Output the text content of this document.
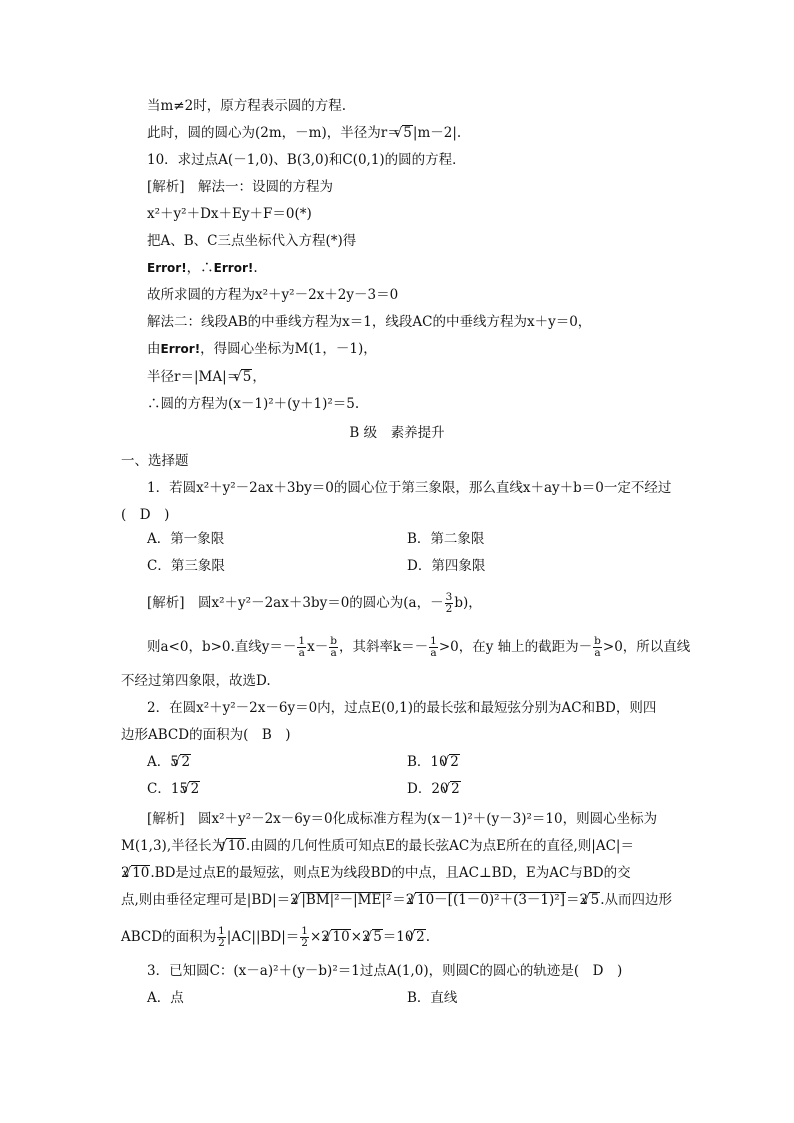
当m≠2时，原方程表示圆的方程.
此时，圆的圆心为(2m，－m)，半径为r＝√ 5|m－2|.
10．求过点A(－1,0)、B(3,0)和C(0,1)的圆的方程．
[解析]　解法一：设圆的方程为
x²＋y²＋Dx＋Ey＋F＝0(*)
把A、B、C三点坐标代入方程(*)得
Error!，∴Error!.
故所求圆的方程为x²＋y²－2x＋2y－3＝0
解法二：线段AB的中垂线方程为x＝1，线段AC的中垂线方程为x＋y＝0，
由Error!，得圆心坐标为M(1，－1)，
半径r＝|MA|＝√ 5，
∴圆的方程为(x－1)²＋(y＋1)²＝5.
B 级　素养提升
一、选择题
1．若圆x²＋y²－2ax＋3by＝0的圆心位于第三象限，那么直线x＋ay＋b＝0一定不经过
(　D　)
A．第一象限	B．第二象限
C．第三象限	D．第四象限
[解析]　圆x²＋y²－2ax＋3by＝0的圆心为(a，－ $\frac{3}{2} b$)，
则a<0，b>0.直线$y=- \frac{1}{a} x- \frac{b}{a}$ ，其斜率$k=- \frac{1}{a} >0$，在y 轴上的截距为－ $\frac{b}{a} >0$，所以直线
不经过第四象限，故选D.
2．在圆x²＋y²－2x－6y＝0内，过点E(0,1)的最长弦和最短弦分别为AC和BD，则四
边形ABCD的面积为(　B　)
A．5√ 2	B．10√ 2
C．15√ 2	D．20√ 2
[解析]　圆x²＋y²－2x－6y＝0化成标准方程为(x－1)²＋(y－3)²＝10，则圆心坐标为
M(1,3),半径长为√ 10.由圆的几何性质可知点E的最长弦AC为点E所在的直径,则|AC|＝
2√ 10.BD是过点E的最短弦，则点E为线段BD的中点，且AC⊥BD，E为AC与BD的交
点,则由垂径定理可是|BD|＝2√ |BM|²－|ME|²＝2√ 10－[(1－0)²＋(3－1)²]＝2√ 5.从而四边形
ABCD的面积为 $\frac{1}{2} |AC||BD|= \frac{1}{2} \times 2√$ 10×2√ 5＝10√ 2.
3．已知圆C：(x－a)²＋(y－b)²＝1过点A(1,0)，则圆C的圆心的轨迹是(　D　)
A．点	B．直线
